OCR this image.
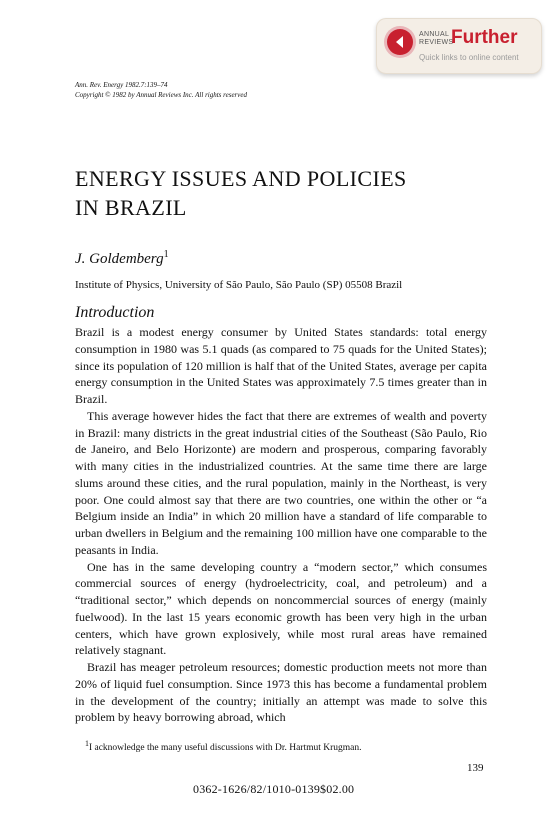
ANNUAL
REVIEWS
Further
Quick links to online content
Ann. Rev. Energy 1982.7:139–74
Copyright © 1982 by Annual Reviews Inc. All rights reserved
ENERGY ISSUES AND POLICIES
IN BRAZIL
J. Goldemberg$^1$
Institute of Physics, University of São Paulo, São Paulo (SP) 05508 Brazil
Introduction

Brazil is a modest energy consumer by United States standards: total energy consumption in 1980 was 5.1 quads (as compared to 75 quads for the United States); since its population of 120 million is half that of the United States, average per capita energy consumption in the United States was approximately 7.5 times greater than in Brazil.

This average however hides the fact that there are extremes of wealth and poverty in Brazil: many districts in the great industrial cities of the Southeast (São Paulo, Rio de Janeiro, and Belo Horizonte) are modern and prosperous, comparing favorably with many cities in the industrialized countries. At the same time there are large slums around these cities, and the rural population, mainly in the Northeast, is very poor. One could almost say that there are two countries, one within the other or “a Belgium inside an India” in which 20 million have a standard of life comparable to urban dwellers in Belgium and the remaining 100 million have one comparable to the peasants in India.

One has in the same developing country a “modern sector,” which consumes commercial sources of energy (hydroelectricity, coal, and petroleum) and a “traditional sector,” which depends on noncommercial sources of energy (mainly fuelwood). In the last 15 years economic growth has been very high in the urban centers, which have grown explosively, while most rural areas have remained relatively stagnant.

Brazil has meager petroleum resources; domestic production meets not more than 20% of liquid fuel consumption. Since 1973 this has become a fundamental problem in the development of the country; initially an attempt was made to solve this problem by heavy borrowing abroad, which

$^1$I acknowledge the many useful discussions with Dr. Hartmut Krugman.
139
0362-1626/82/1010-0139$02.00
